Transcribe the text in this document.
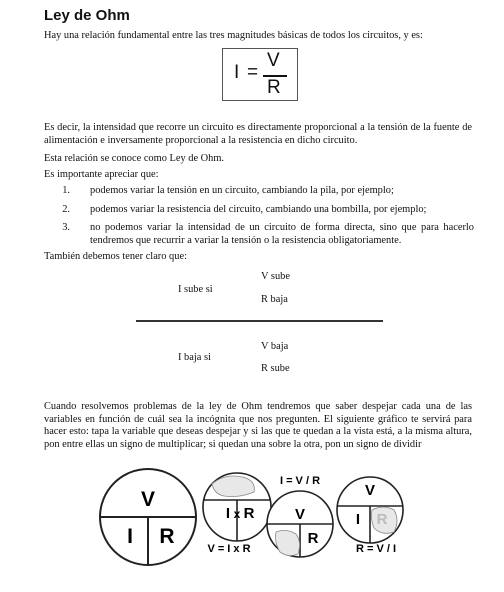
Ley de Ohm
Hay una relación fundamental entre las tres magnitudes básicas de todos los circuitos, y es:
I =
V
R
Es decir, la intensidad que recorre un circuito es directamente proporcional a la tensión de la fuente de alimentación e inversamente proporcional a la resistencia en dicho circuito.
Esta relación se conoce como Ley de Ohm.
Es importante apreciar que:
1. podemos variar la tensión en un circuito, cambiando la pila, por ejemplo;
2. podemos variar la resistencia del circuito, cambiando una bombilla, por ejemplo;
3. no podemos variar la intensidad de un circuito de forma directa, sino que para hacerlo tendremos que recurrir a variar la tensión o la resistencia obligatoriamente.
También debemos tener claro que:
I sube si
V sube
R baja
V baja
I baja si
R sube
Cuando resolvemos problemas de la ley de Ohm tendremos que saber despejar cada una de las variables en función de cuál sea la incógnita que nos pregunten. El siguiente gráfico te servirá para hacer esto: tapa la variable que deseas despejar y si las que te quedan a la vista está, a la misma altura, pon entre ellas un signo de multiplicar; si quedan una sobre la otra, pon un signo de dividir
V
I R
I x R
V = I x R
V
R
I = V / R
V
I R
R = V / I
